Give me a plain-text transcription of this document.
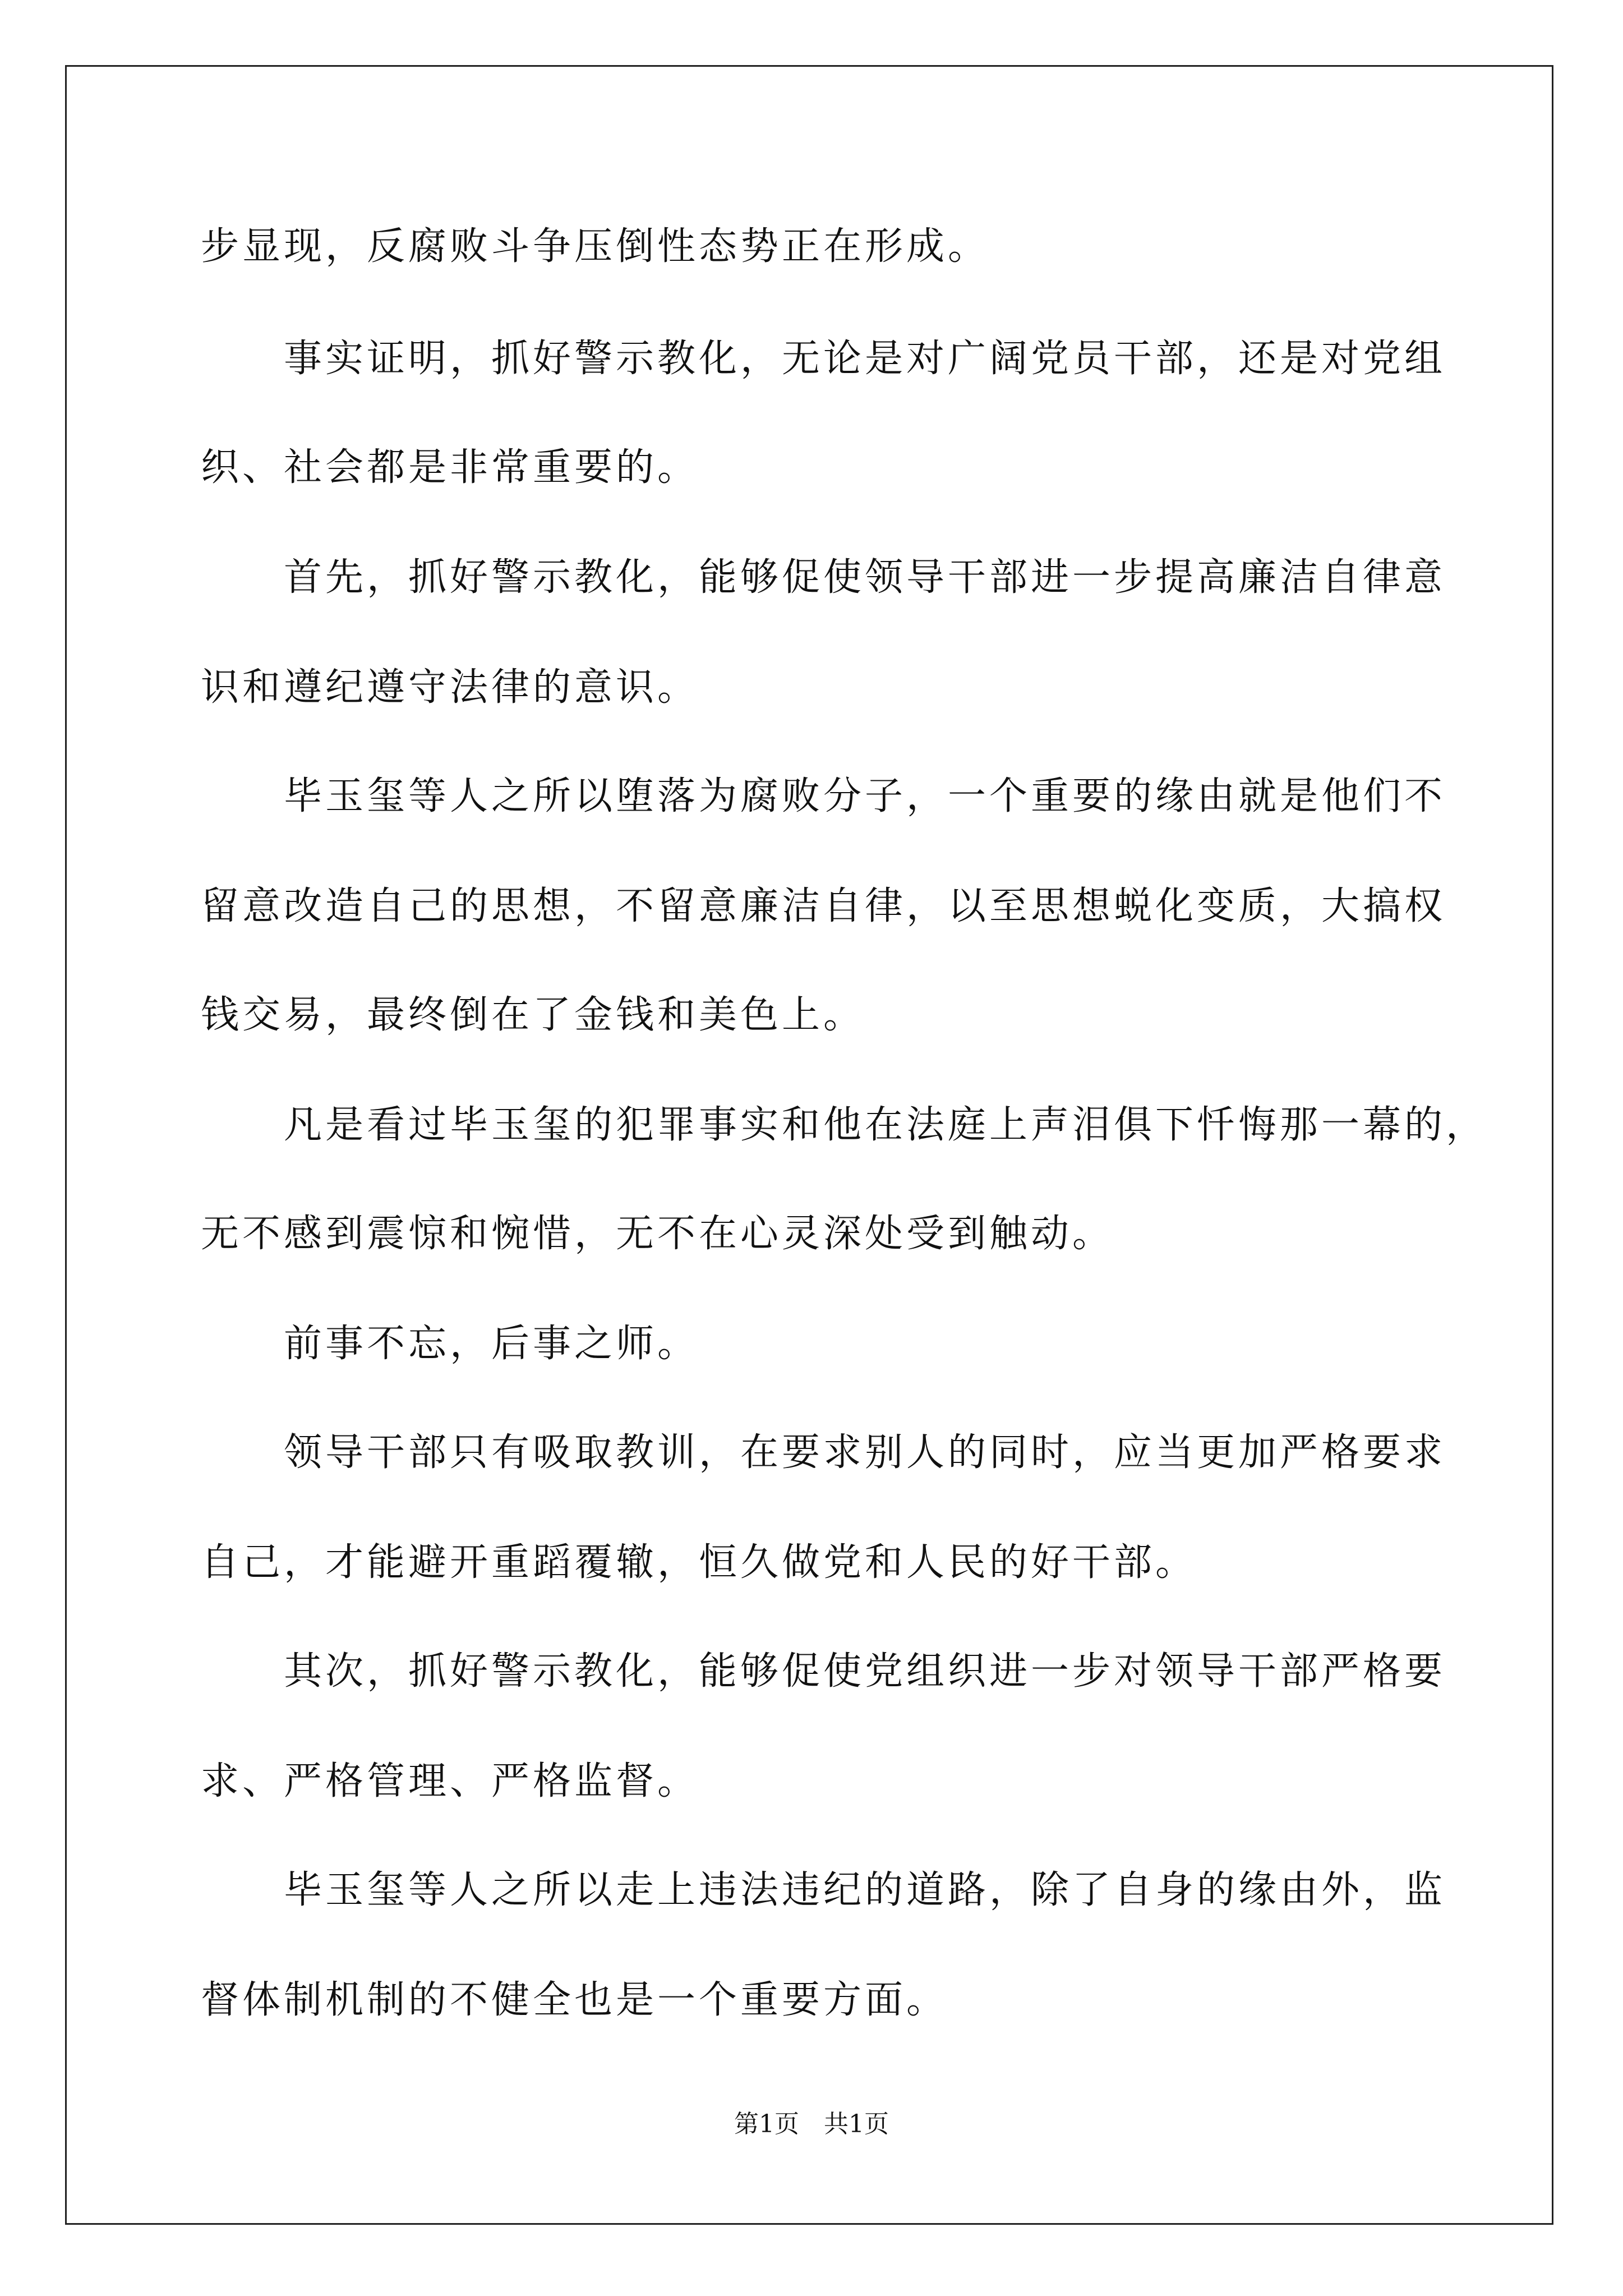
步显现，反腐败斗争压倒性态势正在形成。
　　事实证明，抓好警示教化，无论是对广阔党员干部，还是对党组
织、社会都是非常重要的。
　　首先，抓好警示教化，能够促使领导干部进一步提高廉洁自律意
识和遵纪遵守法律的意识。
　　毕玉玺等人之所以堕落为腐败分子，一个重要的缘由就是他们不
留意改造自己的思想，不留意廉洁自律，以至思想蜕化变质，大搞权
钱交易，最终倒在了金钱和美色上。
　　凡是看过毕玉玺的犯罪事实和他在法庭上声泪俱下忏悔那一幕的，
无不感到震惊和惋惜，无不在心灵深处受到触动。
　　前事不忘，后事之师。
　　领导干部只有吸取教训，在要求别人的同时，应当更加严格要求
自己，才能避开重蹈覆辙，恒久做党和人民的好干部。
　　其次，抓好警示教化，能够促使党组织进一步对领导干部严格要
求、严格管理、严格监督。
　　毕玉玺等人之所以走上违法违纪的道路，除了自身的缘由外，监
督体制机制的不健全也是一个重要方面。
第1页　共1页
